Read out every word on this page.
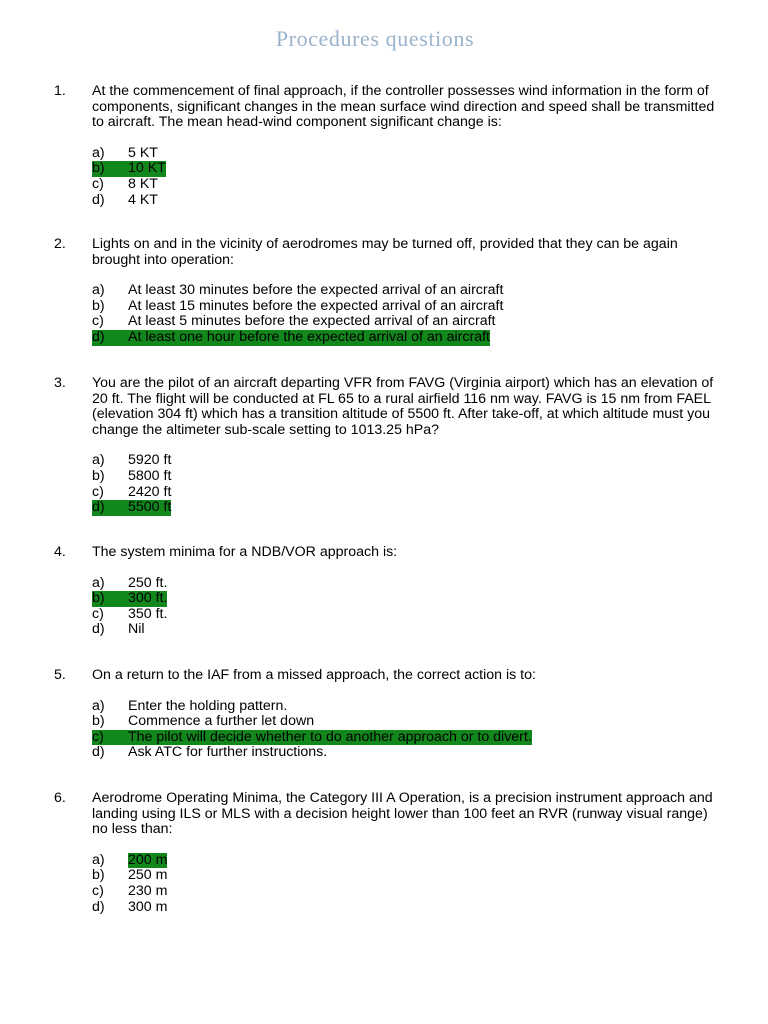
Procedures questions
1. At the commencement of final approach, if the controller possesses wind information in the form of components, significant changes in the mean surface wind direction and speed shall be transmitted to aircraft. The mean head-wind component significant change is:
a)	5 KT
b)	10 KT
c)	8 KT
d)	4 KT
2. Lights on and in the vicinity of aerodromes may be turned off, provided that they can be again brought into operation:
a)	At least 30 minutes before the expected arrival of an aircraft
b)	At least 15 minutes before the expected arrival of an aircraft
c)	At least 5 minutes before the expected arrival of an aircraft
d)	At least one hour before the expected arrival of an aircraft
3. You are the pilot of an aircraft departing VFR from FAVG (Virginia airport) which has an elevation of 20 ft. The flight will be conducted at FL 65 to a rural airfield 116 nm way. FAVG is 15 nm from FAEL (elevation 304 ft) which has a transition altitude of 5500 ft. After take-off, at which altitude must you change the altimeter sub-scale setting to 1013.25 hPa?
a)	5920 ft
b)	5800 ft
c)	2420 ft
d)	5500 ft
4. The system minima for a NDB/VOR approach is:
a)	250 ft.
b)	300 ft.
c)	350 ft.
d)	Nil
5. On a return to the IAF from a missed approach, the correct action is to:
a)	Enter the holding pattern.
b)	Commence a further let down
c)	The pilot will decide whether to do another approach or to divert.
d)	Ask ATC for further instructions.
6. Aerodrome Operating Minima, the Category III A Operation, is a precision instrument approach and landing using ILS or MLS with a decision height lower than 100 feet an RVR (runway visual range) no less than:
a)	200 m
b)	250 m
c)	230 m
d)	300 m
